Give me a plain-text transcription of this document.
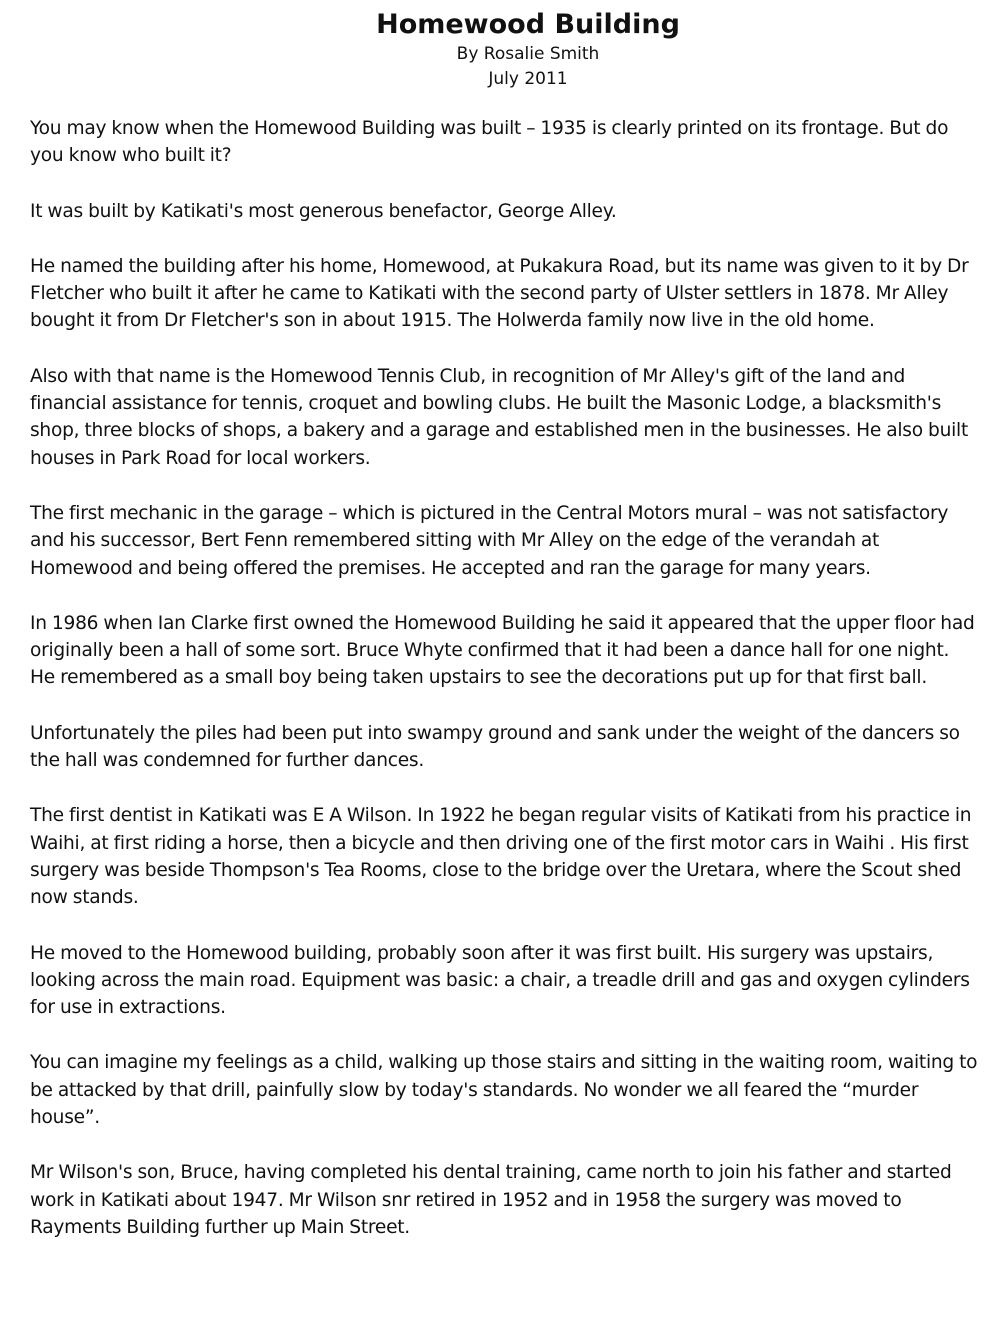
Homewood Building

By Rosalie Smith

July 2011

You may know when the Homewood Building was built – 1935 is clearly printed on its frontage. But do you know who built it?

It was built by Katikati's most generous benefactor, George Alley.

He named the building after his home, Homewood, at Pukakura Road, but its name was given to it by Dr Fletcher who built it after he came to Katikati with the second party of Ulster settlers in 1878. Mr Alley bought it from Dr Fletcher's son in about 1915. The Holwerda family now live in the old home.

Also with that name is the Homewood Tennis Club, in recognition of Mr Alley's gift of the land and financial assistance for tennis, croquet and bowling clubs. He built the Masonic Lodge, a blacksmith's shop, three blocks of shops, a bakery and a garage and established men in the businesses. He also built houses in Park Road for local workers.

The first mechanic in the garage – which is pictured in the Central Motors mural – was not satisfactory and his successor, Bert Fenn remembered sitting with Mr Alley on the edge of the verandah at Homewood and being offered the premises. He accepted and ran the garage for many years.

In 1986 when Ian Clarke first owned the Homewood Building he said it appeared that the upper floor had originally been a hall of some sort. Bruce Whyte confirmed that it had been a dance hall for one night. He remembered as a small boy being taken upstairs to see the decorations put up for that first ball.

Unfortunately the piles had been put into swampy ground and sank under the weight of the dancers so the hall was condemned for further dances.

The first dentist in Katikati was E A Wilson. In 1922 he began regular visits of Katikati from his practice in Waihi, at first riding a horse, then a bicycle and then driving one of the first motor cars in Waihi . His first surgery was beside Thompson's Tea Rooms, close to the bridge over the Uretara, where the Scout shed now stands.

He moved to the Homewood building, probably soon after it was first built. His surgery was upstairs, looking across the main road. Equipment was basic: a chair, a treadle drill and gas and oxygen cylinders for use in extractions.

You can imagine my feelings as a child, walking up those stairs and sitting in the waiting room, waiting to be attacked by that drill, painfully slow by today's standards. No wonder we all feared the “murder house”.

Mr Wilson's son, Bruce, having completed his dental training, came north to join his father and started work in Katikati about 1947. Mr Wilson snr retired in 1952 and in 1958 the surgery was moved to Rayments Building further up Main Street.
